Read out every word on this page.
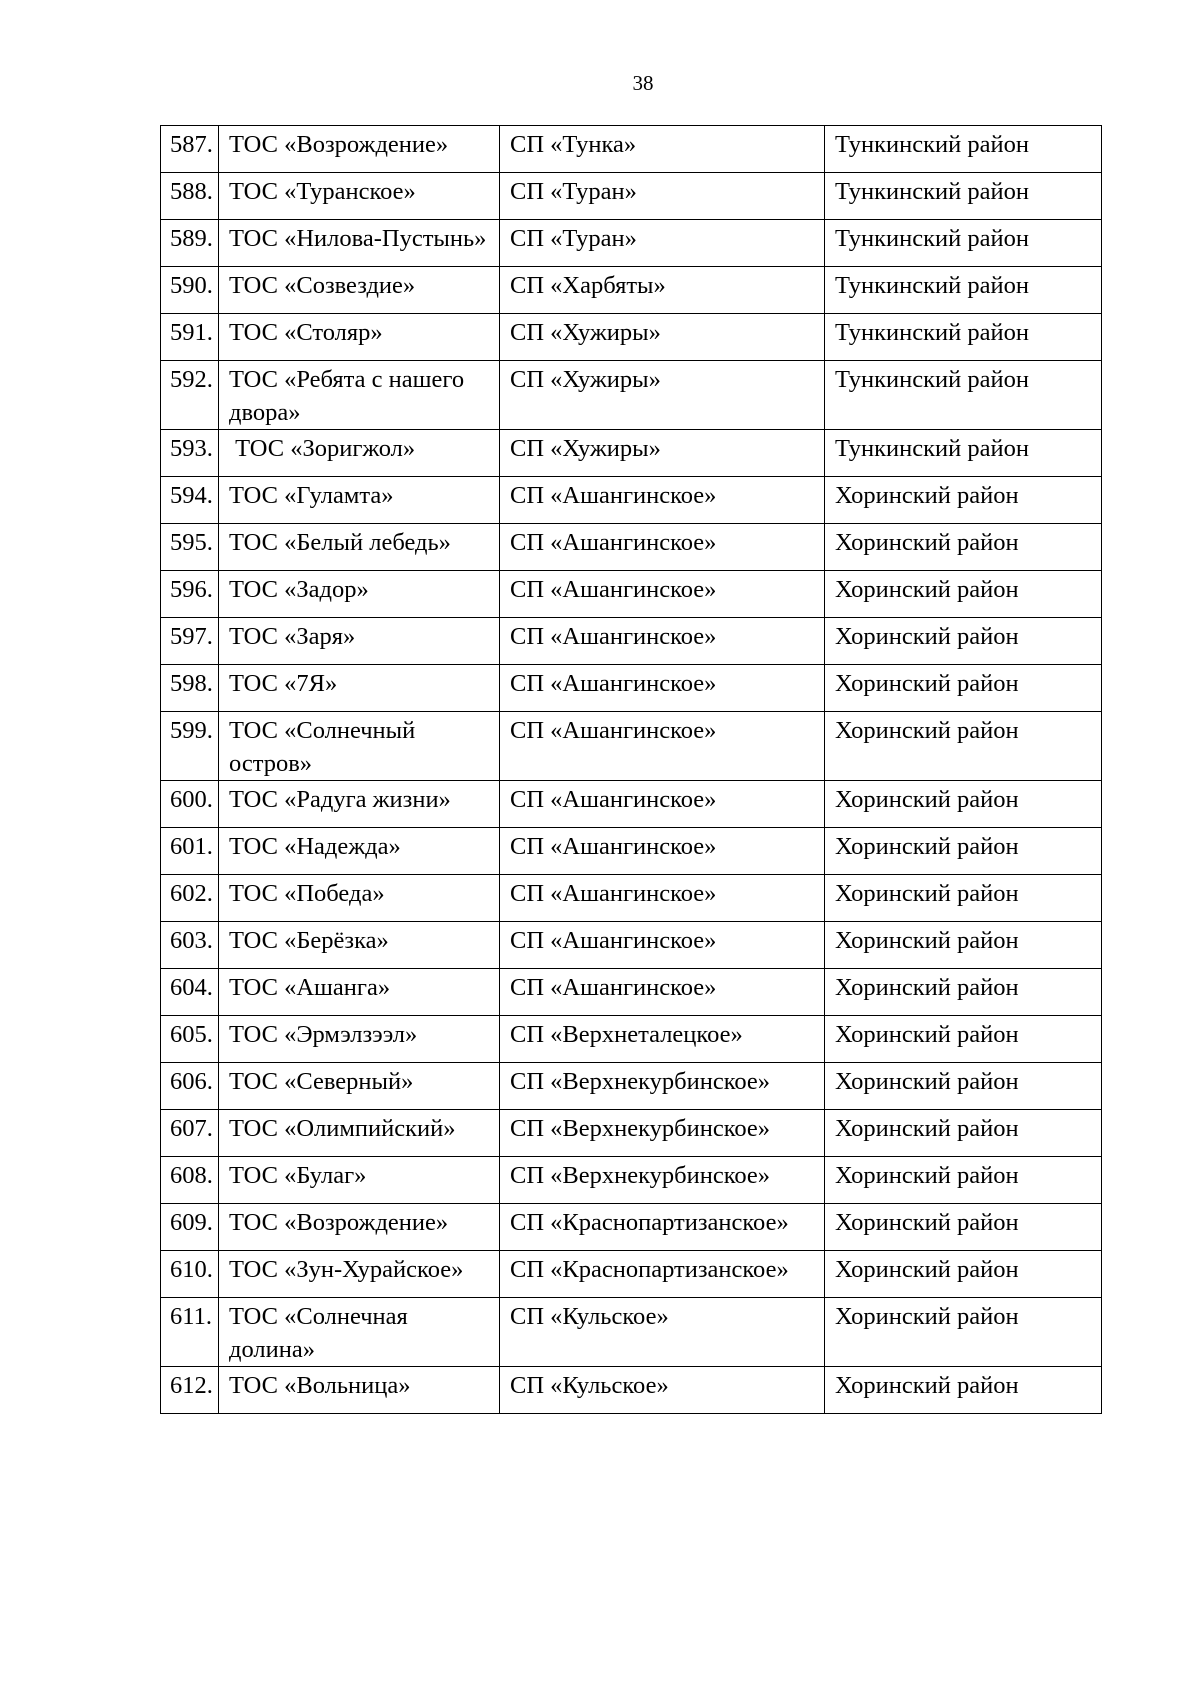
38
587.	ТОС «Возрождение»	СП «Тунка»	Тункинский район
588.	ТОС «Туранское»	СП «Туран»	Тункинский район
589.	ТОС «Нилова-Пустынь»	СП «Туран»	Тункинский район
590.	ТОС «Созвездие»	СП «Харбяты»	Тункинский район
591.	ТОС «Столяр»	СП «Хужиры»	Тункинский район
592.	ТОС «Ребята с нашего двора»	СП «Хужиры»	Тункинский район
593.	ТОС «Зоригжол»	СП «Хужиры»	Тункинский район
594.	ТОС «Гуламта»	СП «Ашангинское»	Хоринский район
595.	ТОС «Белый лебедь»	СП «Ашангинское»	Хоринский район
596.	ТОС «Задор»	СП «Ашангинское»	Хоринский район
597.	ТОС «Заря»	СП «Ашангинское»	Хоринский район
598.	ТОС «7Я»	СП «Ашангинское»	Хоринский район
599.	ТОС «Солнечный остров»	СП «Ашангинское»	Хоринский район
600.	ТОС «Радуга жизни»	СП «Ашангинское»	Хоринский район
601.	ТОС «Надежда»	СП «Ашангинское»	Хоринский район
602.	ТОС «Победа»	СП «Ашангинское»	Хоринский район
603.	ТОС «Берёзка»	СП «Ашангинское»	Хоринский район
604.	ТОС «Ашанга»	СП «Ашангинское»	Хоринский район
605.	ТОС «Эрмэлзээл»	СП «Верхнеталецкое»	Хоринский район
606.	ТОС «Северный»	СП «Верхнекурбинское»	Хоринский район
607.	ТОС «Олимпийский»	СП «Верхнекурбинское»	Хоринский район
608.	ТОС «Булаг»	СП «Верхнекурбинское»	Хоринский район
609.	ТОС «Возрождение»	СП «Краснопартизанское»	Хоринский район
610.	ТОС «Зун-Хурайское»	СП «Краснопартизанское»	Хоринский район
611.	ТОС «Солнечная долина»	СП «Кульское»	Хоринский район
612.	ТОС «Вольница»	СП «Кульское»	Хоринский район
